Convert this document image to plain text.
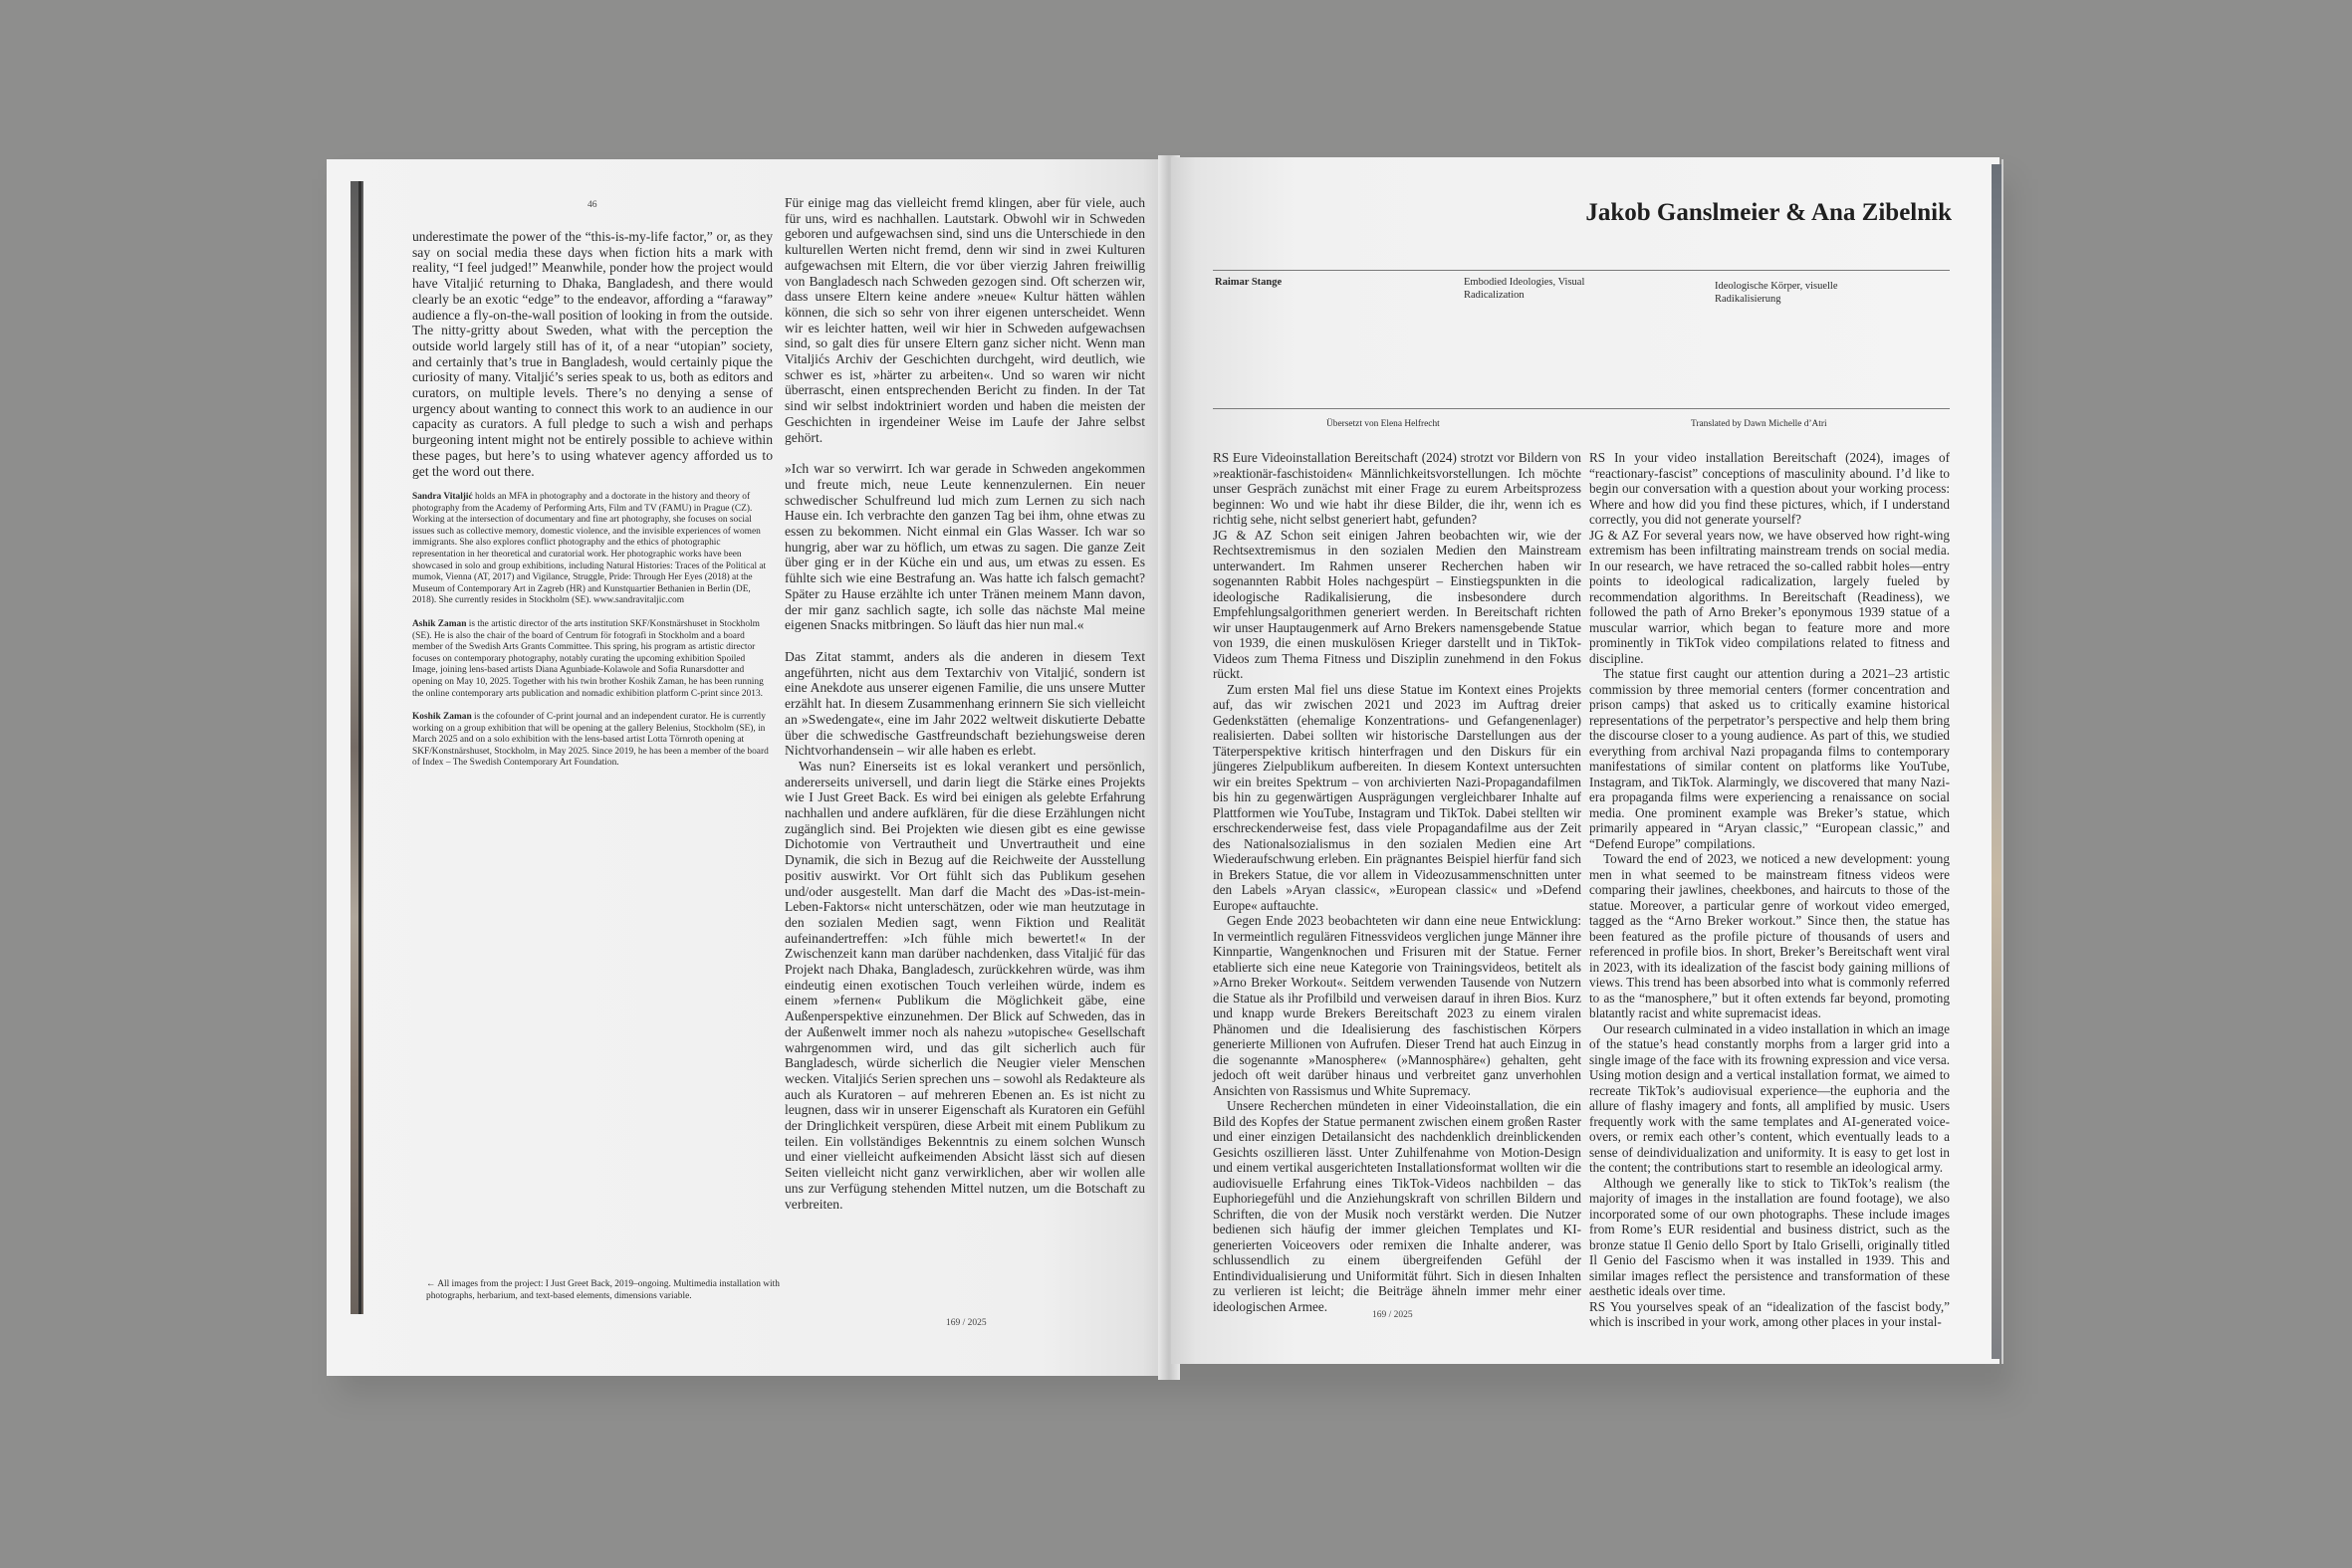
46

underestimate the power of the “this-is-my-life factor,” or, as they say on social media these days when fiction hits a mark with reality, “I feel judged!” Meanwhile, ponder how the project would have Vitaljić returning to Dhaka, Bangladesh, and there would clearly be an exotic “edge” to the endeavor, affording a “faraway” audience a fly-on-the-wall position of looking in from the outside. The nitty-gritty about Sweden, what with the perception the outside world largely still has of it, of a near “utopian” society, and certainly that’s true in Bangladesh, would certainly pique the curiosity of many. Vitaljić’s series speak to us, both as editors and curators, on multiple levels. There’s no denying a sense of urgency about wanting to connect this work to an audience in our capacity as curators. A full pledge to such a wish and perhaps burgeoning intent might not be entirely possible to achieve within these pages, but here’s to using whatever agency afforded us to get the word out there.

Sandra Vitaljić holds an MFA in photography and a doctorate in the history and theory of photography from the Academy of Performing Arts, Film and TV (FAMU) in Prague (CZ). Working at the intersection of documentary and fine art photography, she focuses on social issues such as collective memory, domestic violence, and the invisible experiences of women immigrants. She also explores conflict photography and the ethics of photographic representation in her theoretical and curatorial work. Her photographic works have been showcased in solo and group exhibitions, including Natural Histories: Traces of the Political at mumok, Vienna (AT, 2017) and Vigilance, Struggle, Pride: Through Her Eyes (2018) at the Museum of Contemporary Art in Zagreb (HR) and Kunstquartier Bethanien in Berlin (DE, 2018). She currently resides in Stockholm (SE). www.sandravitaljic.com

Ashik Zaman is the artistic director of the arts institution SKF/Konstnärshuset in Stockholm (SE). He is also the chair of the board of Centrum för fotografi in Stockholm and a board member of the Swedish Arts Grants Committee. This spring, his program as artistic director focuses on contemporary photography, notably curating the upcoming exhibition Spoiled Image, joining lens-based artists Diana Agunbiade-Kolawole and Sofia Runarsdotter and opening on May 10, 2025. Together with his twin brother Koshik Zaman, he has been running the online contemporary arts publication and nomadic exhibition platform C-print since 2013.

Koshik Zaman is the cofounder of C-print journal and an independent curator. He is currently working on a group exhibition that will be opening at the gallery Belenius, Stockholm (SE), in March 2025 and on a solo exhibition with the lens-based artist Lotta Törnroth opening at SKF/Konstnärshuset, Stockholm, in May 2025. Since 2019, he has been a member of the board of Index – The Swedish Contemporary Art Foundation.

Für einige mag das vielleicht fremd klingen, aber für viele, auch für uns, wird es nachhallen. Lautstark. Obwohl wir in Schweden geboren und aufgewachsen sind, sind uns die Unterschiede in den kulturellen Werten nicht fremd, denn wir sind in zwei Kulturen aufgewachsen mit Eltern, die vor über vierzig Jahren freiwillig von Bangladesch nach Schweden gezogen sind. Oft scherzen wir, dass unsere Eltern keine andere »neue« Kultur hätten wählen können, die sich so sehr von ihrer eigenen unterscheidet. Wenn wir es leichter hatten, weil wir hier in Schweden aufgewachsen sind, so galt dies für unsere Eltern ganz sicher nicht. Wenn man Vitaljićs Archiv der Geschichten durchgeht, wird deutlich, wie schwer es ist, »härter zu arbeiten«. Und so waren wir nicht überrascht, einen entsprechenden Bericht zu finden. In der Tat sind wir selbst indoktriniert worden und haben die meisten der Geschichten in irgendeiner Weise im Laufe der Jahre selbst gehört.

»Ich war so verwirrt. Ich war gerade in Schweden angekommen und freute mich, neue Leute kennenzulernen. Ein neuer schwedischer Schulfreund lud mich zum Lernen zu sich nach Hause ein. Ich verbrachte den ganzen Tag bei ihm, ohne etwas zu essen zu bekommen. Nicht einmal ein Glas Wasser. Ich war so hungrig, aber war zu höflich, um etwas zu sagen. Die ganze Zeit über ging er in der Küche ein und aus, um etwas zu essen. Es fühlte sich wie eine Bestrafung an. Was hatte ich falsch gemacht? Später zu Hause erzählte ich unter Tränen meinem Mann davon, der mir ganz sachlich sagte, ich solle das nächste Mal meine eigenen Snacks mitbringen. So läuft das hier nun mal.«

Das Zitat stammt, anders als die anderen in diesem Text angeführten, nicht aus dem Textarchiv von Vitaljić, sondern ist eine Anekdote aus unserer eigenen Familie, die uns unsere Mutter erzählt hat. In diesem Zusammenhang erinnern Sie sich vielleicht an »Swedengate«, eine im Jahr 2022 weltweit diskutierte Debatte über die schwedische Gastfreundschaft beziehungsweise deren Nichtvorhandensein – wir alle haben es erlebt.

Was nun? Einerseits ist es lokal verankert und persönlich, andererseits universell, und darin liegt die Stärke eines Projekts wie I Just Greet Back. Es wird bei einigen als gelebte Erfahrung nachhallen und andere aufklären, für die diese Erzählungen nicht zugänglich sind. Bei Projekten wie diesen gibt es eine gewisse Dichotomie von Vertrautheit und Unvertrautheit und eine Dynamik, die sich in Bezug auf die Reichweite der Ausstellung positiv auswirkt. Vor Ort fühlt sich das Publikum gesehen und/oder ausgestellt. Man darf die Macht des »Das-ist-mein-Leben-Faktors« nicht unterschätzen, oder wie man heutzutage in den sozialen Medien sagt, wenn Fiktion und Realität aufeinandertreffen: »Ich fühle mich bewertet!« In der Zwischenzeit kann man darüber nachdenken, dass Vitaljić für das Projekt nach Dhaka, Bangladesch, zurückkehren würde, was ihm eindeutig einen exotischen Touch verleihen würde, indem es einem »fernen« Publikum die Möglichkeit gäbe, eine Außenperspektive einzunehmen. Der Blick auf Schweden, das in der Außenwelt immer noch als nahezu »utopische« Gesellschaft wahrgenommen wird, und das gilt sicherlich auch für Bangladesch, würde sicherlich die Neugier vieler Menschen wecken. Vitaljićs Serien sprechen uns – sowohl als Redakteure als auch als Kuratoren – auf mehreren Ebenen an. Es ist nicht zu leugnen, dass wir in unserer Eigenschaft als Kuratoren ein Gefühl der Dringlichkeit verspüren, diese Arbeit mit einem Publikum zu teilen. Ein vollständiges Bekenntnis zu einem solchen Wunsch und einer vielleicht aufkeimenden Absicht lässt sich auf diesen Seiten vielleicht nicht ganz verwirklichen, aber wir wollen alle uns zur Verfügung stehenden Mittel nutzen, um die Botschaft zu verbreiten.

← All images from the project: I Just Greet Back, 2019–ongoing. Multimedia installation with photographs, herbarium, and text-based elements, dimensions variable.
169 / 2025
Jakob Ganslmeier & Ana Zibelnik
Raimar Stange	Embodied Ideologies, Visual Radicalization
Ideologische Körper, visuelle Radikalisierung
Übersetzt von Elena Helfrecht	Translated by Dawn Michelle d’Atri

RS Eure Videoinstallation Bereitschaft (2024) strotzt vor Bildern von »reaktionär-faschistoiden« Männlichkeitsvorstellungen. Ich möchte unser Gespräch zunächst mit einer Frage zu eurem Arbeitsprozess beginnen: Wo und wie habt ihr diese Bilder, die ihr, wenn ich es richtig sehe, nicht selbst generiert habt, gefunden?

JG & AZ Schon seit einigen Jahren beobachten wir, wie der Rechtsextremismus in den sozialen Medien den Mainstream unterwandert. Im Rahmen unserer Recherchen haben wir sogenannten Rabbit Holes nachgespürt – Einstiegspunkten in die ideologische Radikalisierung, die insbesondere durch Empfehlungsalgorithmen generiert werden. In Bereitschaft richten wir unser Hauptaugenmerk auf Arno Brekers namensgebende Statue von 1939, die einen muskulösen Krieger darstellt und in TikTok-Videos zum Thema Fitness und Disziplin zunehmend in den Fokus rückt.

Zum ersten Mal fiel uns diese Statue im Kontext eines Projekts auf, das wir zwischen 2021 und 2023 im Auftrag dreier Gedenkstätten (ehemalige Konzentrations- und Gefangenenlager) realisierten. Dabei sollten wir historische Darstellungen aus der Täterperspektive kritisch hinterfragen und den Diskurs für ein jüngeres Zielpublikum aufbereiten. In diesem Kontext untersuchten wir ein breites Spektrum – von archivierten Nazi-Propagandafilmen bis hin zu gegenwärtigen Ausprägungen vergleichbarer Inhalte auf Plattformen wie YouTube, Instagram und TikTok. Dabei stellten wir erschreckenderweise fest, dass viele Propagandafilme aus der Zeit des Nationalsozialismus in den sozialen Medien eine Art Wiederaufschwung erleben. Ein prägnantes Beispiel hierfür fand sich in Brekers Statue, die vor allem in Videozusammenschnitten unter den Labels »Aryan classic«, »European classic« und »Defend Europe« auftauchte.

Gegen Ende 2023 beobachteten wir dann eine neue Entwicklung: In vermeintlich regulären Fitnessvideos verglichen junge Männer ihre Kinnpartie, Wangenknochen und Frisuren mit der Statue. Ferner etablierte sich eine neue Kategorie von Trainingsvideos, betitelt als »Arno Breker Workout«. Seitdem verwenden Tausende von Nutzern die Statue als ihr Profilbild und verweisen darauf in ihren Bios. Kurz und knapp wurde Brekers Bereitschaft 2023 zu einem viralen Phänomen und die Idealisierung des faschistischen Körpers generierte Millionen von Aufrufen. Dieser Trend hat auch Einzug in die sogenannte »Manosphere« (»Mannosphäre«) gehalten, geht jedoch oft weit darüber hinaus und verbreitet ganz unverhohlen Ansichten von Rassismus und White Supremacy.

Unsere Recherchen mündeten in einer Videoinstallation, die ein Bild des Kopfes der Statue permanent zwischen einem großen Raster und einer einzigen Detailansicht des nachdenklich dreinblickenden Gesichts oszillieren lässt. Unter Zuhilfenahme von Motion-Design und einem vertikal ausgerichteten Installationsformat wollten wir die audiovisuelle Erfahrung eines TikTok-Videos nachbilden – das Euphoriegefühl und die Anziehungskraft von schrillen Bildern und Schriften, die von der Musik noch verstärkt werden. Die Nutzer bedienen sich häufig der immer gleichen Templates und KI-generierten Voiceovers oder remixen die Inhalte anderer, was schlussendlich zu einem übergreifenden Gefühl der Entindividualisierung und Uniformität führt. Sich in diesen Inhalten zu verlieren ist leicht; die Beiträge ähneln immer mehr einer ideologischen Armee.

RS In your video installation Bereitschaft (2024), images of “reactionary-fascist” conceptions of masculinity abound. I’d like to begin our conversation with a question about your working process: Where and how did you find these pictures, which, if I understand correctly, you did not generate yourself?

JG & AZ For several years now, we have observed how right-wing extremism has been infiltrating mainstream trends on social media. In our research, we have retraced the so-called rabbit holes—entry points to ideological radicalization, largely fueled by recommendation algorithms. In Bereitschaft (Readiness), we followed the path of Arno Breker’s eponymous 1939 statue of a muscular warrior, which began to feature more and more prominently in TikTok video compilations related to fitness and discipline.

The statue first caught our attention during a 2021–23 artistic commission by three memorial centers (former concentration and prison camps) that asked us to critically examine historical representations of the perpetrator’s perspective and help them bring the discourse closer to a young audience. As part of this, we studied everything from archival Nazi propaganda films to contemporary manifestations of similar content on platforms like YouTube, Instagram, and TikTok. Alarmingly, we discovered that many Nazi-era propaganda films were experiencing a renaissance on social media. One prominent example was Breker’s statue, which primarily appeared in “Aryan classic,” “European classic,” and “Defend Europe” compilations.

Toward the end of 2023, we noticed a new development: young men in what seemed to be mainstream fitness videos were comparing their jawlines, cheekbones, and haircuts to those of the statue. Moreover, a particular genre of workout video emerged, tagged as the “Arno Breker workout.” Since then, the statue has been featured as the profile picture of thousands of users and referenced in profile bios. In short, Breker’s Bereitschaft went viral in 2023, with its idealization of the fascist body gaining millions of views. This trend has been absorbed into what is commonly referred to as the “manosphere,” but it often extends far beyond, promoting blatantly racist and white supremacist ideas.

Our research culminated in a video installation in which an image of the statue’s head constantly morphs from a larger grid into a single image of the face with its frowning expression and vice versa. Using motion design and a vertical installation format, we aimed to recreate TikTok’s audiovisual experience—the euphoria and the allure of flashy imagery and fonts, all amplified by music. Users frequently work with the same templates and AI-generated voice-overs, or remix each other’s content, which eventually leads to a sense of deindividualization and uniformity. It is easy to get lost in the content; the contributions start to resemble an ideological army.

Although we generally like to stick to TikTok’s realism (the majority of images in the installation are found footage), we also incorporated some of our own photographs. These include images from Rome’s EUR residential and business district, such as the bronze statue Il Genio dello Sport by Italo Griselli, originally titled Il Genio del Fascismo when it was installed in 1939. This and similar images reflect the persistence and transformation of these aesthetic ideals over time.

RS You yourselves speak of an “idealization of the fascist body,” which is inscribed in your work, among other places in your instal-

169 / 2025
